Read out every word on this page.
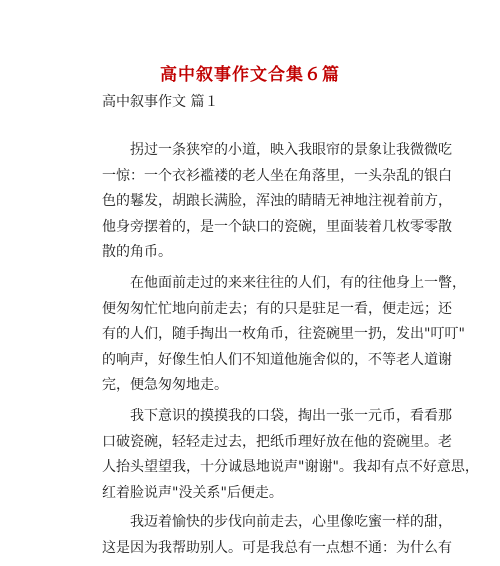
高中叙事作文合集６篇
高中叙事作文 篇１
　　拐过一条狭窄的小道，映入我眼帘的景象让我微微吃
一惊：一个衣衫褴褛的老人坐在角落里，一头杂乱的银白
色的鬈发，胡踉长满脸，浑浊的睛睛无神地注视着前方，
他身旁摆着的，是一个缺口的瓷碗，里面装着几枚零零散
散的角币。
　　在他面前走过的来来往往的人们，有的往他身上一瞥，
便匆匆忙忙地向前走去；有的只是驻足一看，便走远；还
有的人们，随手掏出一枚角币，往瓷碗里一扔，发出"叮叮"
的响声，好像生怕人们不知道他施舍似的，不等老人道谢
完，便急匆匆地走。
　　我下意识的摸摸我的口袋，掏出一张一元币，看看那
口破瓷碗，轻轻走过去，把纸币理好放在他的瓷碗里。老
人抬头望望我，十分诚恳地说声"谢谢"。我却有点不好意思，
红着脸说声"没关系"后便走。
　　我迈着愉快的步伐向前走去，心里像吃蜜一样的甜，
这是因为我帮助别人。可是我总有一点想不通：为什么有
